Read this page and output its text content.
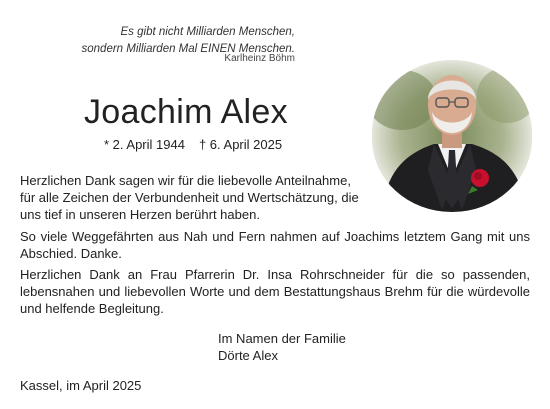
Es gibt nicht Milliarden Menschen,
sondern Milliarden Mal EINEN Menschen.
Karlheinz Böhm
Joachim Alex
* 2. April 1944 † 6. April 2025

Herzlichen Dank sagen wir für die liebevolle Anteilnahme, für alle Zeichen der Verbundenheit und Wertschätzung, die uns tief in unseren Herzen berührt haben.

So viele Weggefährten aus Nah und Fern nahmen auf Joachims letztem Gang mit uns Abschied. Danke.

Herzlichen Dank an Frau Pfarrerin Dr. Insa Rohrschneider für die so passenden, lebensnahen und liebevollen Worte und dem Bestattungshaus Brehm für die würdevolle und helfende Begleitung.

Im Namen der Familie
Dörte Alex
Kassel, im April 2025
